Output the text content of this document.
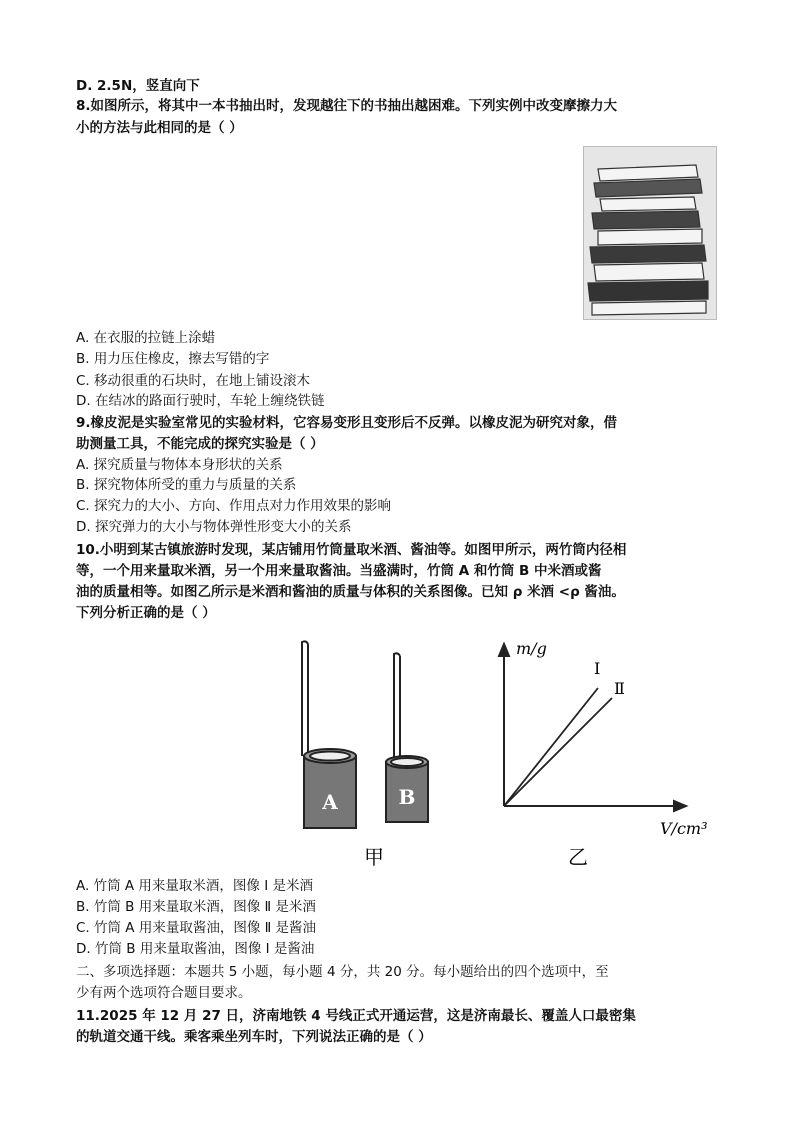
D. 2.5N，竖直向下
8.如图所示，将其中一本书抽出时，发现越往下的书抽出越困难。下列实例中改变摩擦力大
小的方法与此相同的是（ ）
A. 在衣服的拉链上涂蜡
B. 用力压住橡皮，擦去写错的字
C. 移动很重的石块时，在地上铺设滚木
D. 在结冰的路面行驶时，车轮上缠绕铁链
9.橡皮泥是实验室常见的实验材料，它容易变形且变形后不反弹。以橡皮泥为研究对象，借
助测量工具，不能完成的探究实验是（ ）
A. 探究质量与物体本身形状的关系
B. 探究物体所受的重力与质量的关系
C. 探究力的大小、方向、作用点对力作用效果的影响
D. 探究弹力的大小与物体弹性形变大小的关系
10.小明到某古镇旅游时发现，某店铺用竹筒量取米酒、酱油等。如图甲所示，两竹筒内径相
等，一个用来量取米酒，另一个用来量取酱油。当盛满时，竹筒 A 和竹筒 B 中米酒或酱
油的质量相等。如图乙所示是米酒和酱油的质量与体积的关系图像。已知 ρ 米酒 <ρ 酱油。
下列分析正确的是（ ）
A. 竹筒 A 用来量取米酒，图像 Ⅰ 是米酒
B. 竹筒 B 用来量取米酒，图像 Ⅱ 是米酒
C. 竹筒 A 用来量取酱油，图像 Ⅱ 是酱油
D. 竹筒 B 用来量取酱油，图像 Ⅰ 是酱油
二、多项选择题：本题共 5 小题，每小题 4 分，共 20 分。每小题给出的四个选项中，至
少有两个选项符合题目要求。
11.2025 年 12 月 27 日，济南地铁 4 号线正式开通运营，这是济南最长、覆盖人口最密集
的轨道交通干线。乘客乘坐列车时，下列说法正确的是（ ）
A	B
甲
m/g
V/cm³
Ⅰ
Ⅱ
乙
